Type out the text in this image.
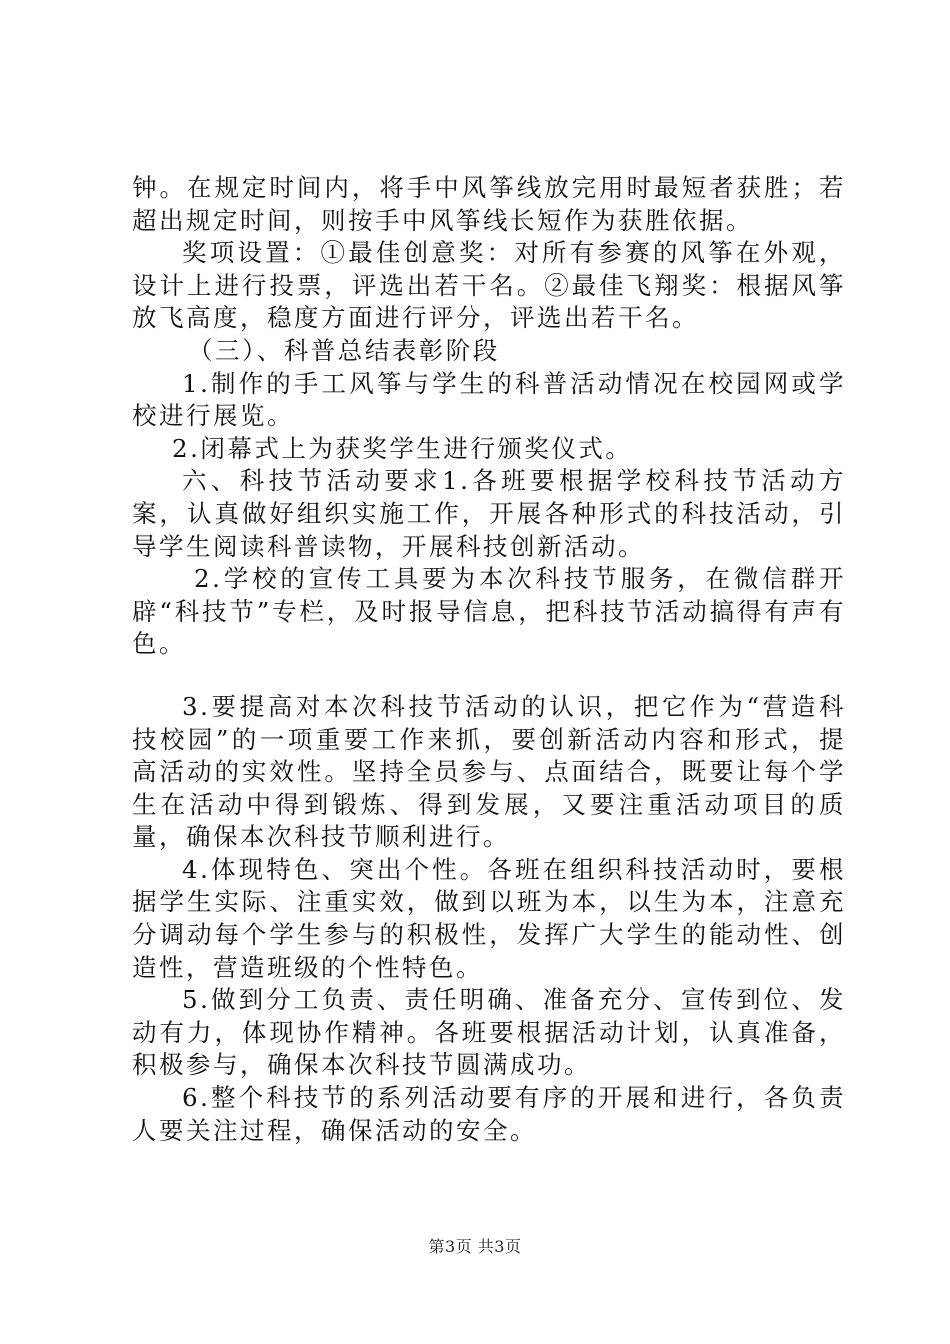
钟。在规定时间内，将手中风筝线放完用时最短者获胜；若超出规定时间，则按手中风筝线长短作为获胜依据。

奖项设置：①最佳创意奖：对所有参赛的风筝在外观，设计上进行投票，评选出若干名。②最佳飞翔奖：根据风筝放飞高度，稳度方面进行评分，评选出若干名。

（三）、科普总结表彰阶段

1.制作的手工风筝与学生的科普活动情况在校园网或学校进行展览。

2.闭幕式上为获奖学生进行颁奖仪式。

六、科技节活动要求1.各班要根据学校科技节活动方案，认真做好组织实施工作，开展各种形式的科技活动，引导学生阅读科普读物，开展科技创新活动。

2.学校的宣传工具要为本次科技节服务，在微信群开辟“科技节”专栏，及时报导信息，把科技节活动搞得有声有色。

3.要提高对本次科技节活动的认识，把它作为“营造科技校园”的一项重要工作来抓，要创新活动内容和形式，提高活动的实效性。坚持全员参与、点面结合，既要让每个学生在活动中得到锻炼、得到发展，又要注重活动项目的质量，确保本次科技节顺利进行。

4.体现特色、突出个性。各班在组织科技活动时，要根据学生实际、注重实效，做到以班为本，以生为本，注意充分调动每个学生参与的积极性，发挥广大学生的能动性、创造性，营造班级的个性特色。

5.做到分工负责、责任明确、准备充分、宣传到位、发动有力，体现协作精神。各班要根据活动计划，认真准备，积极参与，确保本次科技节圆满成功。

6.整个科技节的系列活动要有序的开展和进行，各负责人要关注过程，确保活动的安全。

第3页 共3页
